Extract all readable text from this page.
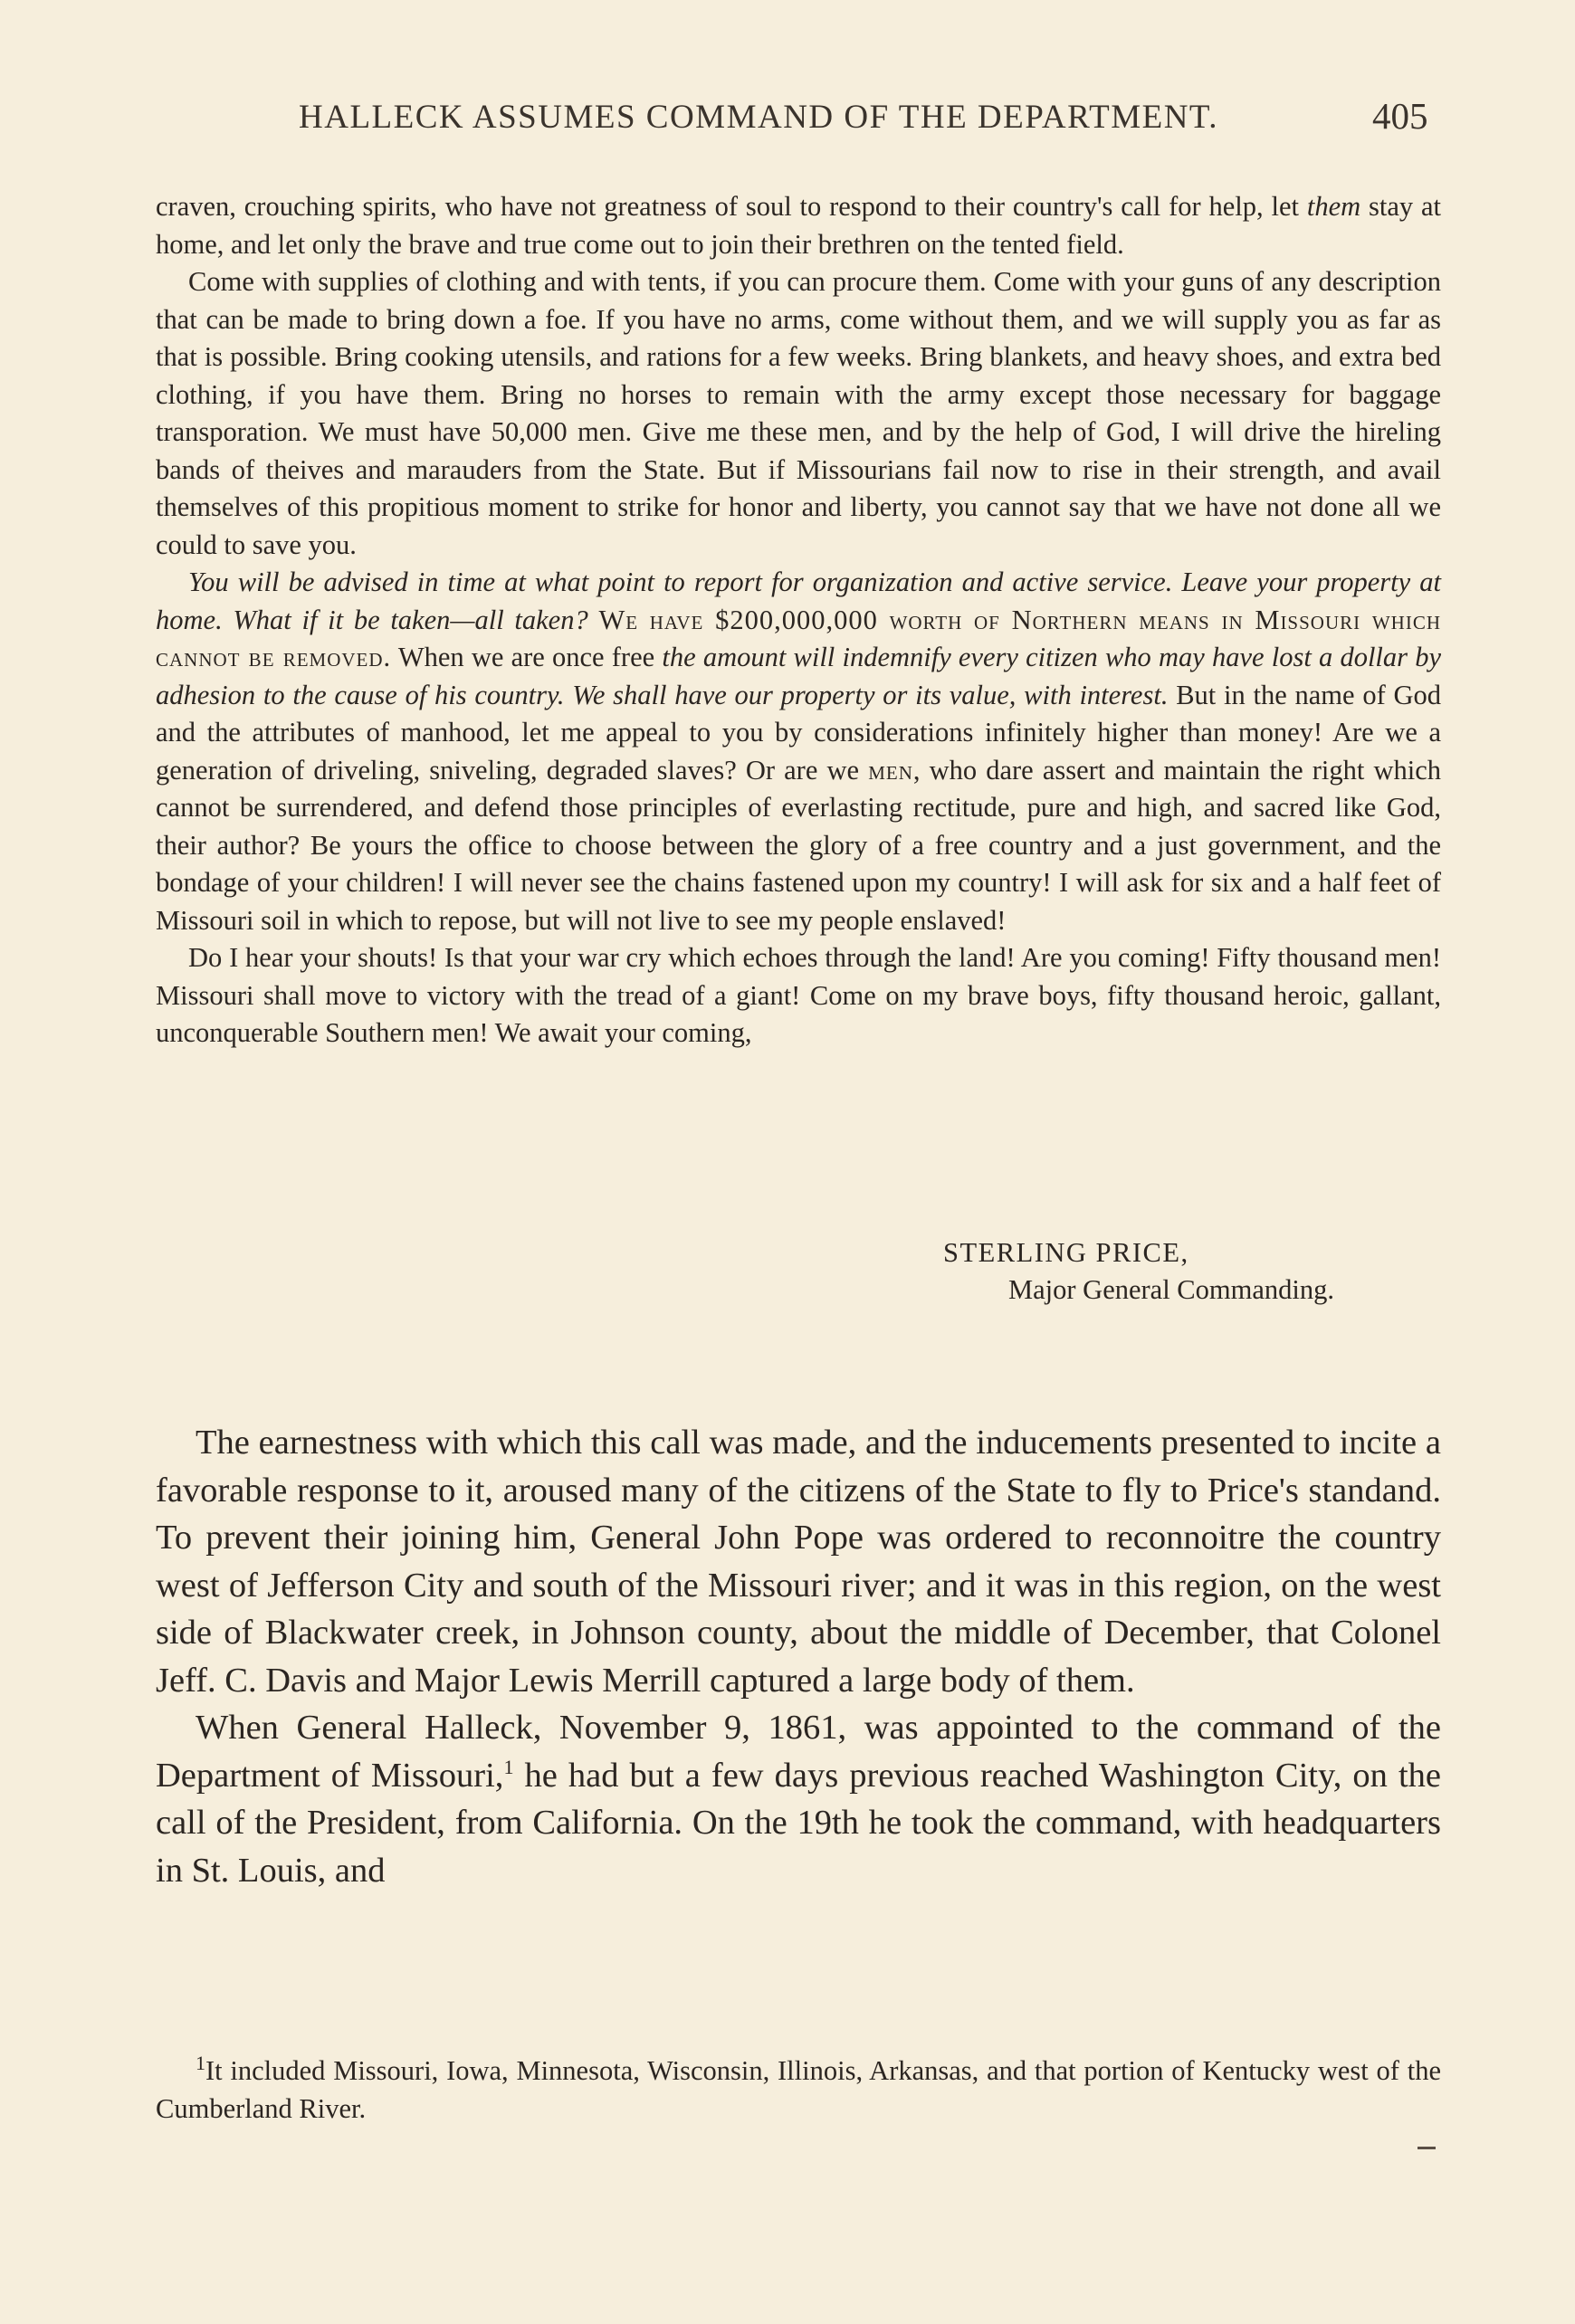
HALLECK ASSUMES COMMAND OF THE DEPARTMENT.	405

craven, crouching spirits, who have not greatness of soul to respond to their country's call for help, let them stay at home, and let only the brave and true come out to join their brethren on the tented field.

Come with supplies of clothing and with tents, if you can procure them. Come with your guns of any description that can be made to bring down a foe. If you have no arms, come without them, and we will supply you as far as that is possible. Bring cooking utensils, and rations for a few weeks. Bring blankets, and heavy shoes, and extra bed clothing, if you have them. Bring no horses to remain with the army except those necessary for baggage transporation. We must have 50,000 men. Give me these men, and by the help of God, I will drive the hireling bands of theives and marauders from the State. But if Missourians fail now to rise in their strength, and avail themselves of this propitious moment to strike for honor and liberty, you cannot say that we have not done all we could to save you.

You will be advised in time at what point to report for organization and active service. Leave your property at home. What if it be taken—all taken? We have $200,000,000 worth of Northern means in Missouri which cannot be removed. When we are once free the amount will indemnify every citizen who may have lost a dollar by adhesion to the cause of his country. We shall have our property or its value, with interest. But in the name of God and the attributes of manhood, let me appeal to you by considerations infinitely higher than money! Are we a generation of driveling, sniveling, degraded slaves? Or are we men, who dare assert and maintain the right which cannot be surrendered, and defend those principles of everlasting rectitude, pure and high, and sacred like God, their author? Be yours the office to choose between the glory of a free country and a just government, and the bondage of your children! I will never see the chains fastened upon my country! I will ask for six and a half feet of Missouri soil in which to repose, but will not live to see my people enslaved!

Do I hear your shouts! Is that your war cry which echoes through the land! Are you coming! Fifty thousand men! Missouri shall move to victory with the tread of a giant! Come on my brave boys, fifty thousand heroic, gallant, unconquerable Southern men! We await your coming,

STERLING PRICE,
Major General Commanding.

The earnestness with which this call was made, and the inducements presented to incite a favorable response to it, aroused many of the citizens of the State to fly to Price's standand. To prevent their joining him, General John Pope was ordered to reconnoitre the country west of Jefferson City and south of the Missouri river; and it was in this region, on the west side of Blackwater creek, in Johnson county, about the middle of December, that Colonel Jeff. C. Davis and Major Lewis Merrill captured a large body of them.

When General Halleck, November 9, 1861, was appointed to the command of the Department of Missouri,$^1$ he had but a few days previous reached Washington City, on the call of the President, from California. On the 19th he took the command, with headquarters in St. Louis, and

$^1$It included Missouri, Iowa, Minnesota, Wisconsin, Illinois, Arkansas, and that portion of Kentucky west of the Cumberland River.
